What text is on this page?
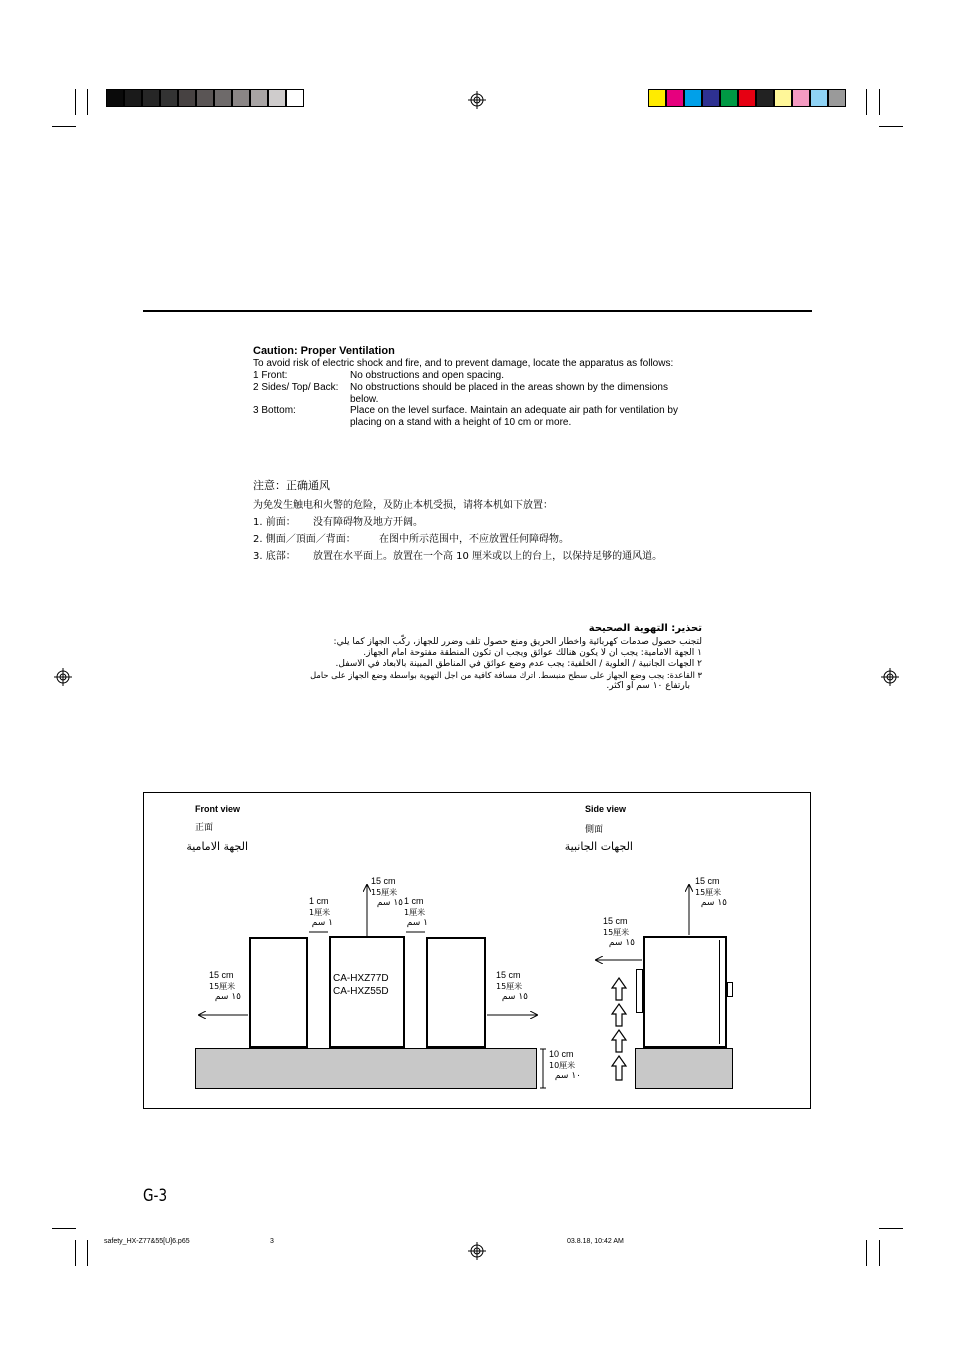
Caution: Proper Ventilation
To avoid risk of electric shock and fire, and to prevent damage, locate the apparatus as follows:
1 Front:	No obstructions and open spacing.
2 Sides/ Top/ Back: No obstructions should be placed in the areas shown by the dimensions below.
3 Bottom:	Place on the level surface. Maintain an adequate air path for ventilation by placing on a stand with a height of 10 cm or more.
注意：正确通风
为免发生触电和火警的危险，及防止本机受损，请将本机如下放置：
1. 前面： 没有障碍物及地方开阔。
2. 側面／頂面／背面： 在图中所示范围中，不应放置任何障碍物。
3. 底部： 放置在水平面上。放置在一个高 10 厘米或以上的台上，以保持足够的通风道。
تحذير: التهوية الصحيحة
لتجنب حصول صدمات كهربائية واخطار الحريق ومنع حصول تلف وضرر للجهاز، ركّب الجهاز كما يلي:
١ الجهة الامامية: يجب ان لا يكون هنالك عوائق ويجب ان تكون المنطقة مفتوحة امام الجهاز.
٢ الجهات الجانبية / العلوية / الخلفية: يجب عدم وضع عوائق في المناطق المبينة بالابعاد في الاسفل.
٣ القاعدة: يجب وضع الجهاز على سطح منبسط. اترك مسافة كافية من اجل التهوية بواسطة وضع الجهاز على حامل
بارتفاع ١٠ سم او اكثر.
Front view
正面
الجهة الامامية
Side view
側面
الجهات الجانبية
CA-HXZ77D
CA-HXZ55D
15 cm
15厘米
١٥ سم
1 cm
1厘米
١ سم
15 cm
15厘米
١٥ سم 1 cm
1厘米
١ سم
15 cm
15厘米
١٥ سم
10 cm
10厘米
١٠ سم
15 cm
15厘米
١٥ سم
15 cm
15厘米
١٥ سم
G-3
safety_HX-Z77&55[U]6.p65	3	03.8.18, 10:42 AM
